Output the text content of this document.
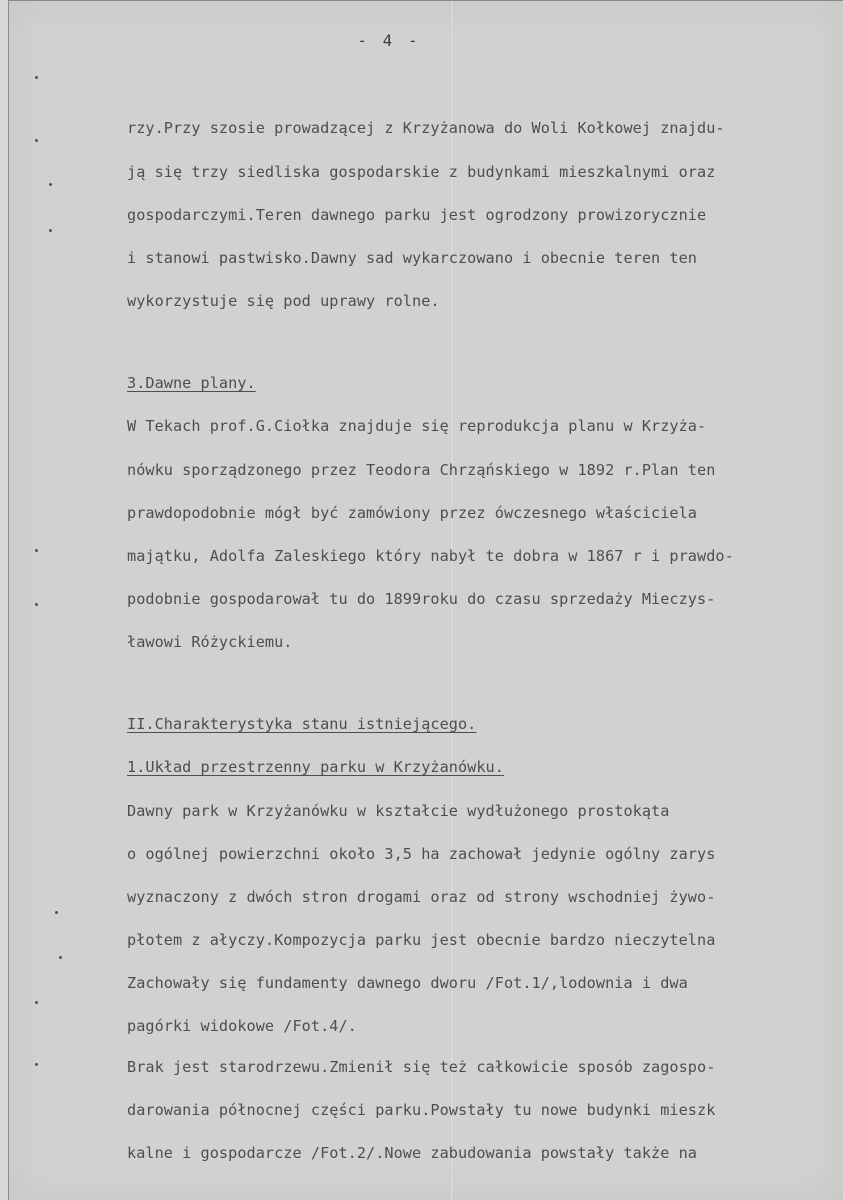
- 4 -
rzy.Przy szosie prowadzącej z Krzyżanowa do Woli Kołkowej znajdu-
ją się trzy siedliska gospodarskie z budynkami mieszkalnymi oraz
gospodarczymi.Teren dawnego parku jest ogrodzony prowizorycznie
i stanowi pastwisko.Dawny sad wykarczowano i obecnie teren ten
wykorzystuje się pod uprawy rolne.
3.Dawne plany.
W Tekach prof.G.Ciołka znajduje się reprodukcja planu w Krzyża-
nówku sporządzonego przez Teodora Chrząńskiego w 1892 r.Plan ten
prawdopodobnie mógł być zamówiony przez ówczesnego właściciela
majątku, Adolfa Zaleskiego który nabył te dobra w 1867 r i prawdo-
podobnie gospodarował tu do 1899roku do czasu sprzedaży Mieczys-
ławowi Różyckiemu.
II.Charakterystyka stanu istniejącego.
1.Układ przestrzenny parku w Krzyżanówku.
Dawny park w Krzyżanówku w kształcie wydłużonego prostokąta
o ogólnej powierzchni około 3,5 ha zachował jedynie ogólny zarys
wyznaczony z dwóch stron drogami oraz od strony wschodniej żywo-
płotem z ałyczy.Kompozycja parku jest obecnie bardzo nieczytelna
Zachowały się fundamenty dawnego dworu /Fot.1/,lodownia i dwa
pagórki widokowe /Fot.4/.
Brak jest starodrzewu.Zmienił się też całkowicie sposób zagospo-
darowania północnej części parku.Powstały tu nowe budynki mieszk
kalne i gospodarcze /Fot.2/.Nowe zabudowania powstały także na
